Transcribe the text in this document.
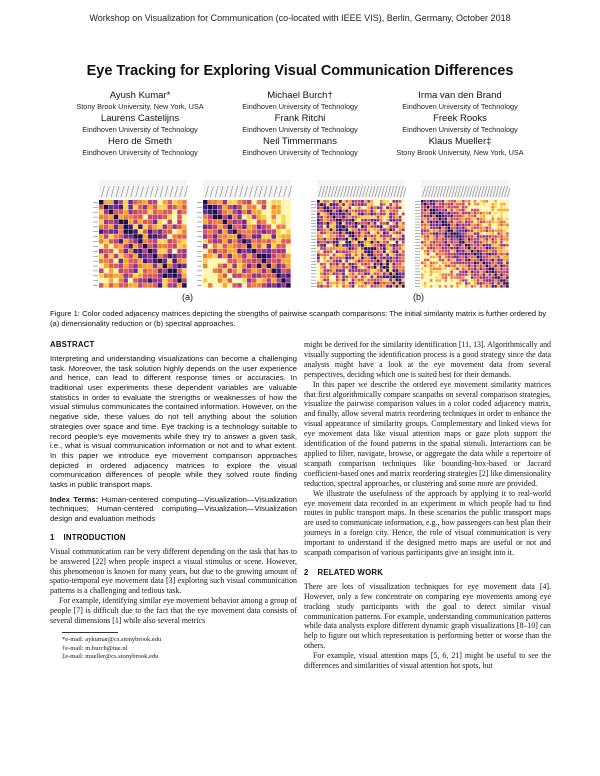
Workshop on Visualization for Communication (co-located with IEEE VIS), Berlin, Germany, October 2018
Eye Tracking for Exploring Visual Communication Differences
Ayush Kumar*
Stony Brook University, New York, USA
Michael Burch†
Eindhoven University of Technology
Irma van den Brand
Eindhoven University of Technology
Laurens Castelijns
Eindhoven University of Technology
Frank Ritchi
Eindhoven University of Technology
Freek Rooks
Eindhoven University of Technology
Hero de Smeth
Eindhoven University of Technology
Neil Timmermans
Eindhoven University of Technology
Klaus Mueller‡
Stony Brook University, New York, USA
(a)	(b)
Figure 1: Color coded adjacency matrices depicting the strengths of pairwise scanpath comparisons: The initial similarity matrix is further ordered by (a) dimensionality reduction or (b) spectral approaches.
ABSTRACT

Interpreting and understanding visualizations can become a challenging task. Moreover, the task solution highly depends on the user experience and hence, can lead to different response times or accuracies. In traditional user experiments these dependent variables are valuable statistics in order to evaluate the strengths or weaknesses of how the visual stimulus communicates the contained information. However, on the negative side, these values do not tell anything about the solution strategies over space and time. Eye tracking is a technology suitable to record people's eye movements while they try to answer a given task, i.e., what is visual communication information or not and to what extent. In this paper we introduce eye movement comparison approaches depicted in ordered adjacency matrices to explore the visual communication differences of people while they solved route finding tasks in public transport maps.

Index Terms: Human-centered computing—Visualization—Visualization techniques; Human-centered computing—Visualization—Visualization design and evaluation methods

1 INTRODUCTION

Visual communication can be very different depending on the task that has to be answered [22] when people inspect a visual stimulus or scene. However, this phenomenon is known for many years, but due to the growing amount of spatio-temporal eye movement data [3] exploring such visual communication patterns is a challenging and tedious task.

For example, identifying similar eye movement behavior among a group of people [7] is difficult due to the fact that the eye movement data consists of several dimensions [1] while also several metrics

*e-mail: aykumar@cs.stonybrook.edu
†e-mail: m.burch@tue.nl
‡e-mail: mueller@cs.stonybrook.edu

might be derived for the similarity identification [11, 13]. Algorithmically and visually supporting the identification process is a good strategy since the data analysts might have a look at the eye movement data from several perspectives, deciding which one is suited best for their demands.

In this paper we describe the ordered eye movement similarity matrices that first algorithmically compare scanpaths on several comparison strategies, visualize the pairwise comparison values in a color coded adjacency matrix, and finally, allow several matrix reordering techniques in order to enhance the visual appearance of similarity groups. Complementary and linked views for eye movement data like visual attention maps or gaze plots support the identification of the found patterns in the spatial stimuli. Interactions can be applied to filter, navigate, browse, or aggregate the data while a repertoire of scanpath comparison techniques like bounding-box-based or Jaccard coefficient-based ones and matrix reordering strategies [2] like dimensionality reduction, spectral approaches, or clustering and some more are provided.

We illustrate the usefulness of the approach by applying it to real-world eye movement data recorded in an experiment in which people had to find routes in public transport maps. In these scenarios the public transport maps are used to communicate information, e.g., how passengers can best plan their journeys in a foreign city. Hence, the role of visual communication is very important to understand if the designed metro maps are useful or not and scanpath comparison of various participants give an insight into it.

2 RELATED WORK

There are lots of visualization techniques for eye movement data [4]. However, only a few concentrate on comparing eye movements among eye tracking study participants with the goal to detect similar visual communication patterns. For example, understanding communication patterns while data analysts explore different dynamic graph visualizations [8–10] can help to figure out which representation is performing better or worse than the others.

For example, visual attention maps [5, 6, 21] might be useful to see the differences and similarities of visual attention hot spots, but
